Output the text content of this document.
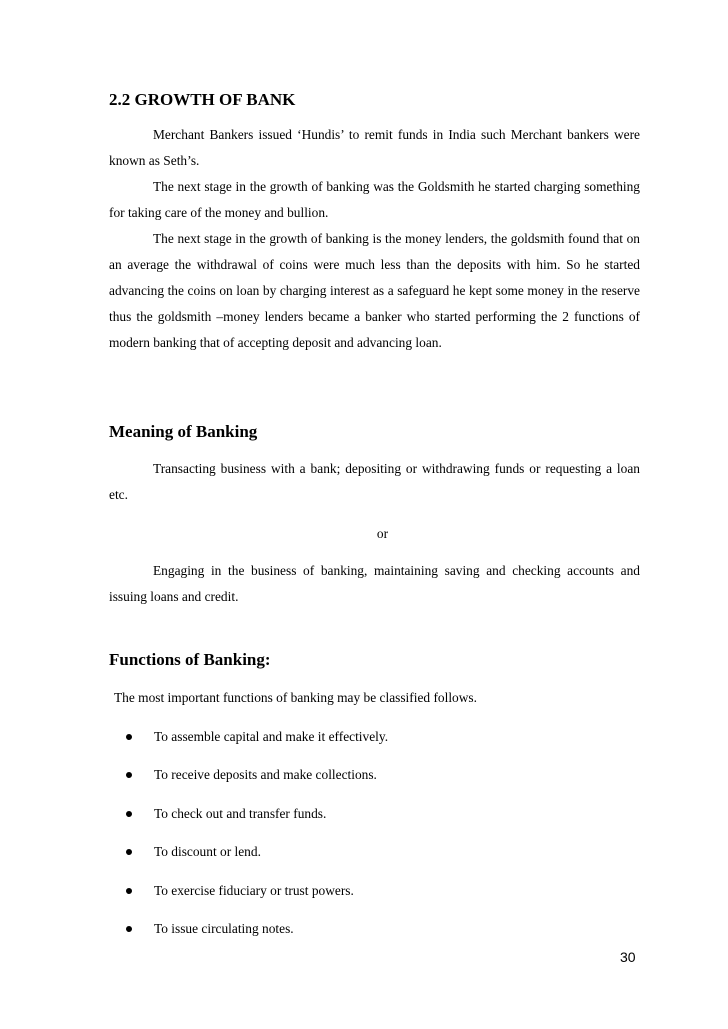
2.2 GROWTH OF BANK

Merchant Bankers issued ‘Hundis’ to remit funds in India such Merchant bankers were known as Seth’s.

The next stage in the growth of banking was the Goldsmith he started charging something for taking care of the money and bullion.

The next stage in the growth of banking is the money lenders, the goldsmith found that on an average the withdrawal of coins were much less than the deposits with him. So he started advancing the coins on loan by charging interest as a safeguard he kept some money in the reserve thus the goldsmith –money lenders became a banker who started performing the 2 functions of modern banking that of accepting deposit and advancing loan.

Meaning of Banking

Transacting business with a bank; depositing or withdrawing funds or requesting a loan etc.

or

Engaging in the business of banking, maintaining saving and checking accounts and issuing loans and credit.

Functions of Banking:

The most important functions of banking may be classified follows.

To assemble capital and make it effectively.
To receive deposits and make collections.
To check out and transfer funds.
To discount or lend.
To exercise fiduciary or trust powers.
To issue circulating notes.
30
